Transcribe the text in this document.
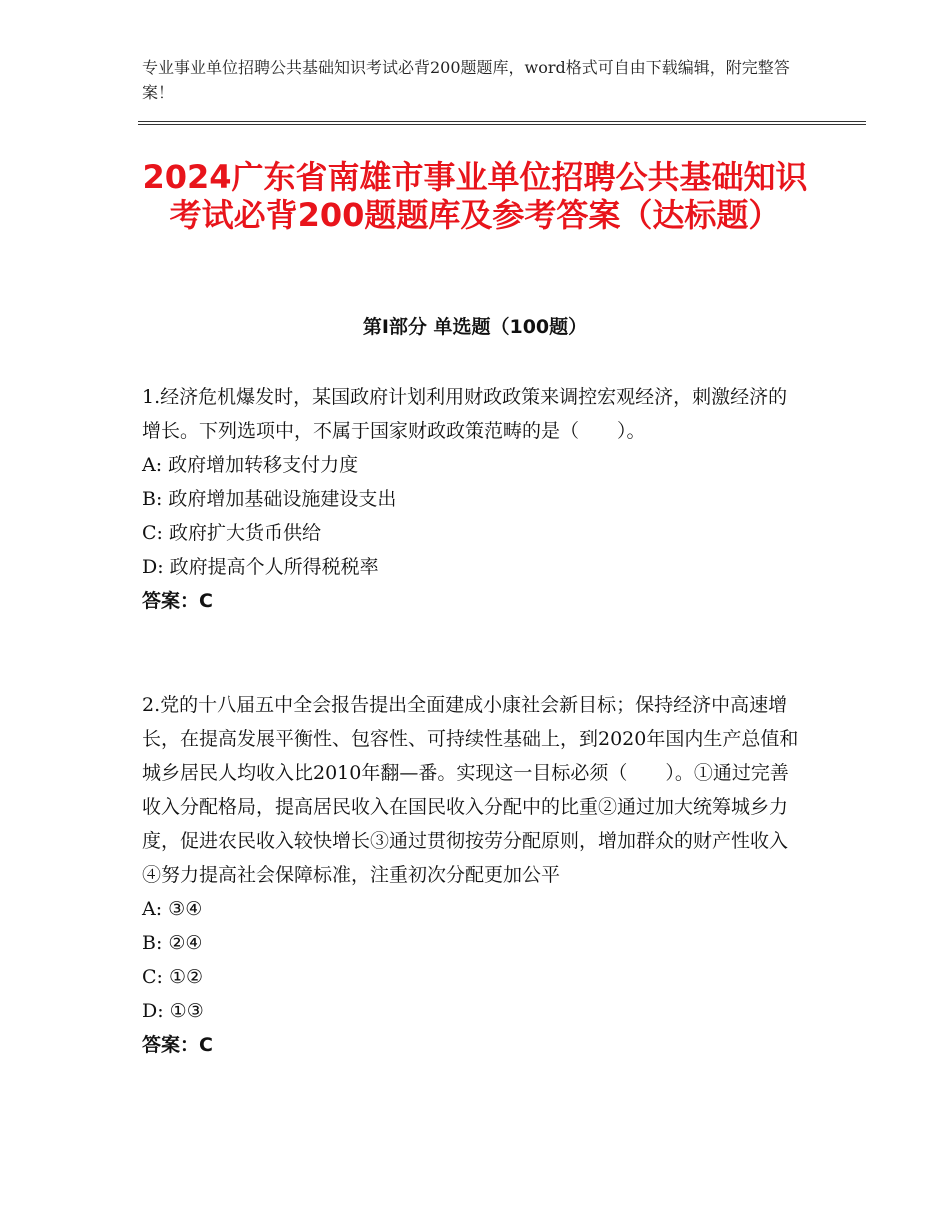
专业事业单位招聘公共基础知识考试必背200题题库，word格式可自由下载编辑，附完整答案！
2024广东省南雄市事业单位招聘公共基础知识考试必背200题题库及参考答案（达标题）
第Ⅰ部分 单选题（100题）

1.经济危机爆发时，某国政府计划利用财政政策来调控宏观经济，刺激经济的增长。下列选项中，不属于国家财政政策范畴的是（　　）。

A: 政府增加转移支付力度

B: 政府增加基础设施建设支出

C: 政府扩大货币供给

D: 政府提高个人所得税税率

答案：C

2.党的十八届五中全会报告提出全面建成小康社会新目标；保持经济中高速增长，在提高发展平衡性、包容性、可持续性基础上，到2020年国内生产总值和城乡居民人均收入比2010年翻—番。实现这一目标必须（　　）。①通过完善收入分配格局，提高居民收入在国民收入分配中的比重②通过加大统筹城乡力度，促进农民收入较快增长③通过贯彻按劳分配原则，增加群众的财产性收入④努力提高社会保障标准，注重初次分配更加公平

A: ③④

B: ②④

C: ①②

D: ①③

答案：C
